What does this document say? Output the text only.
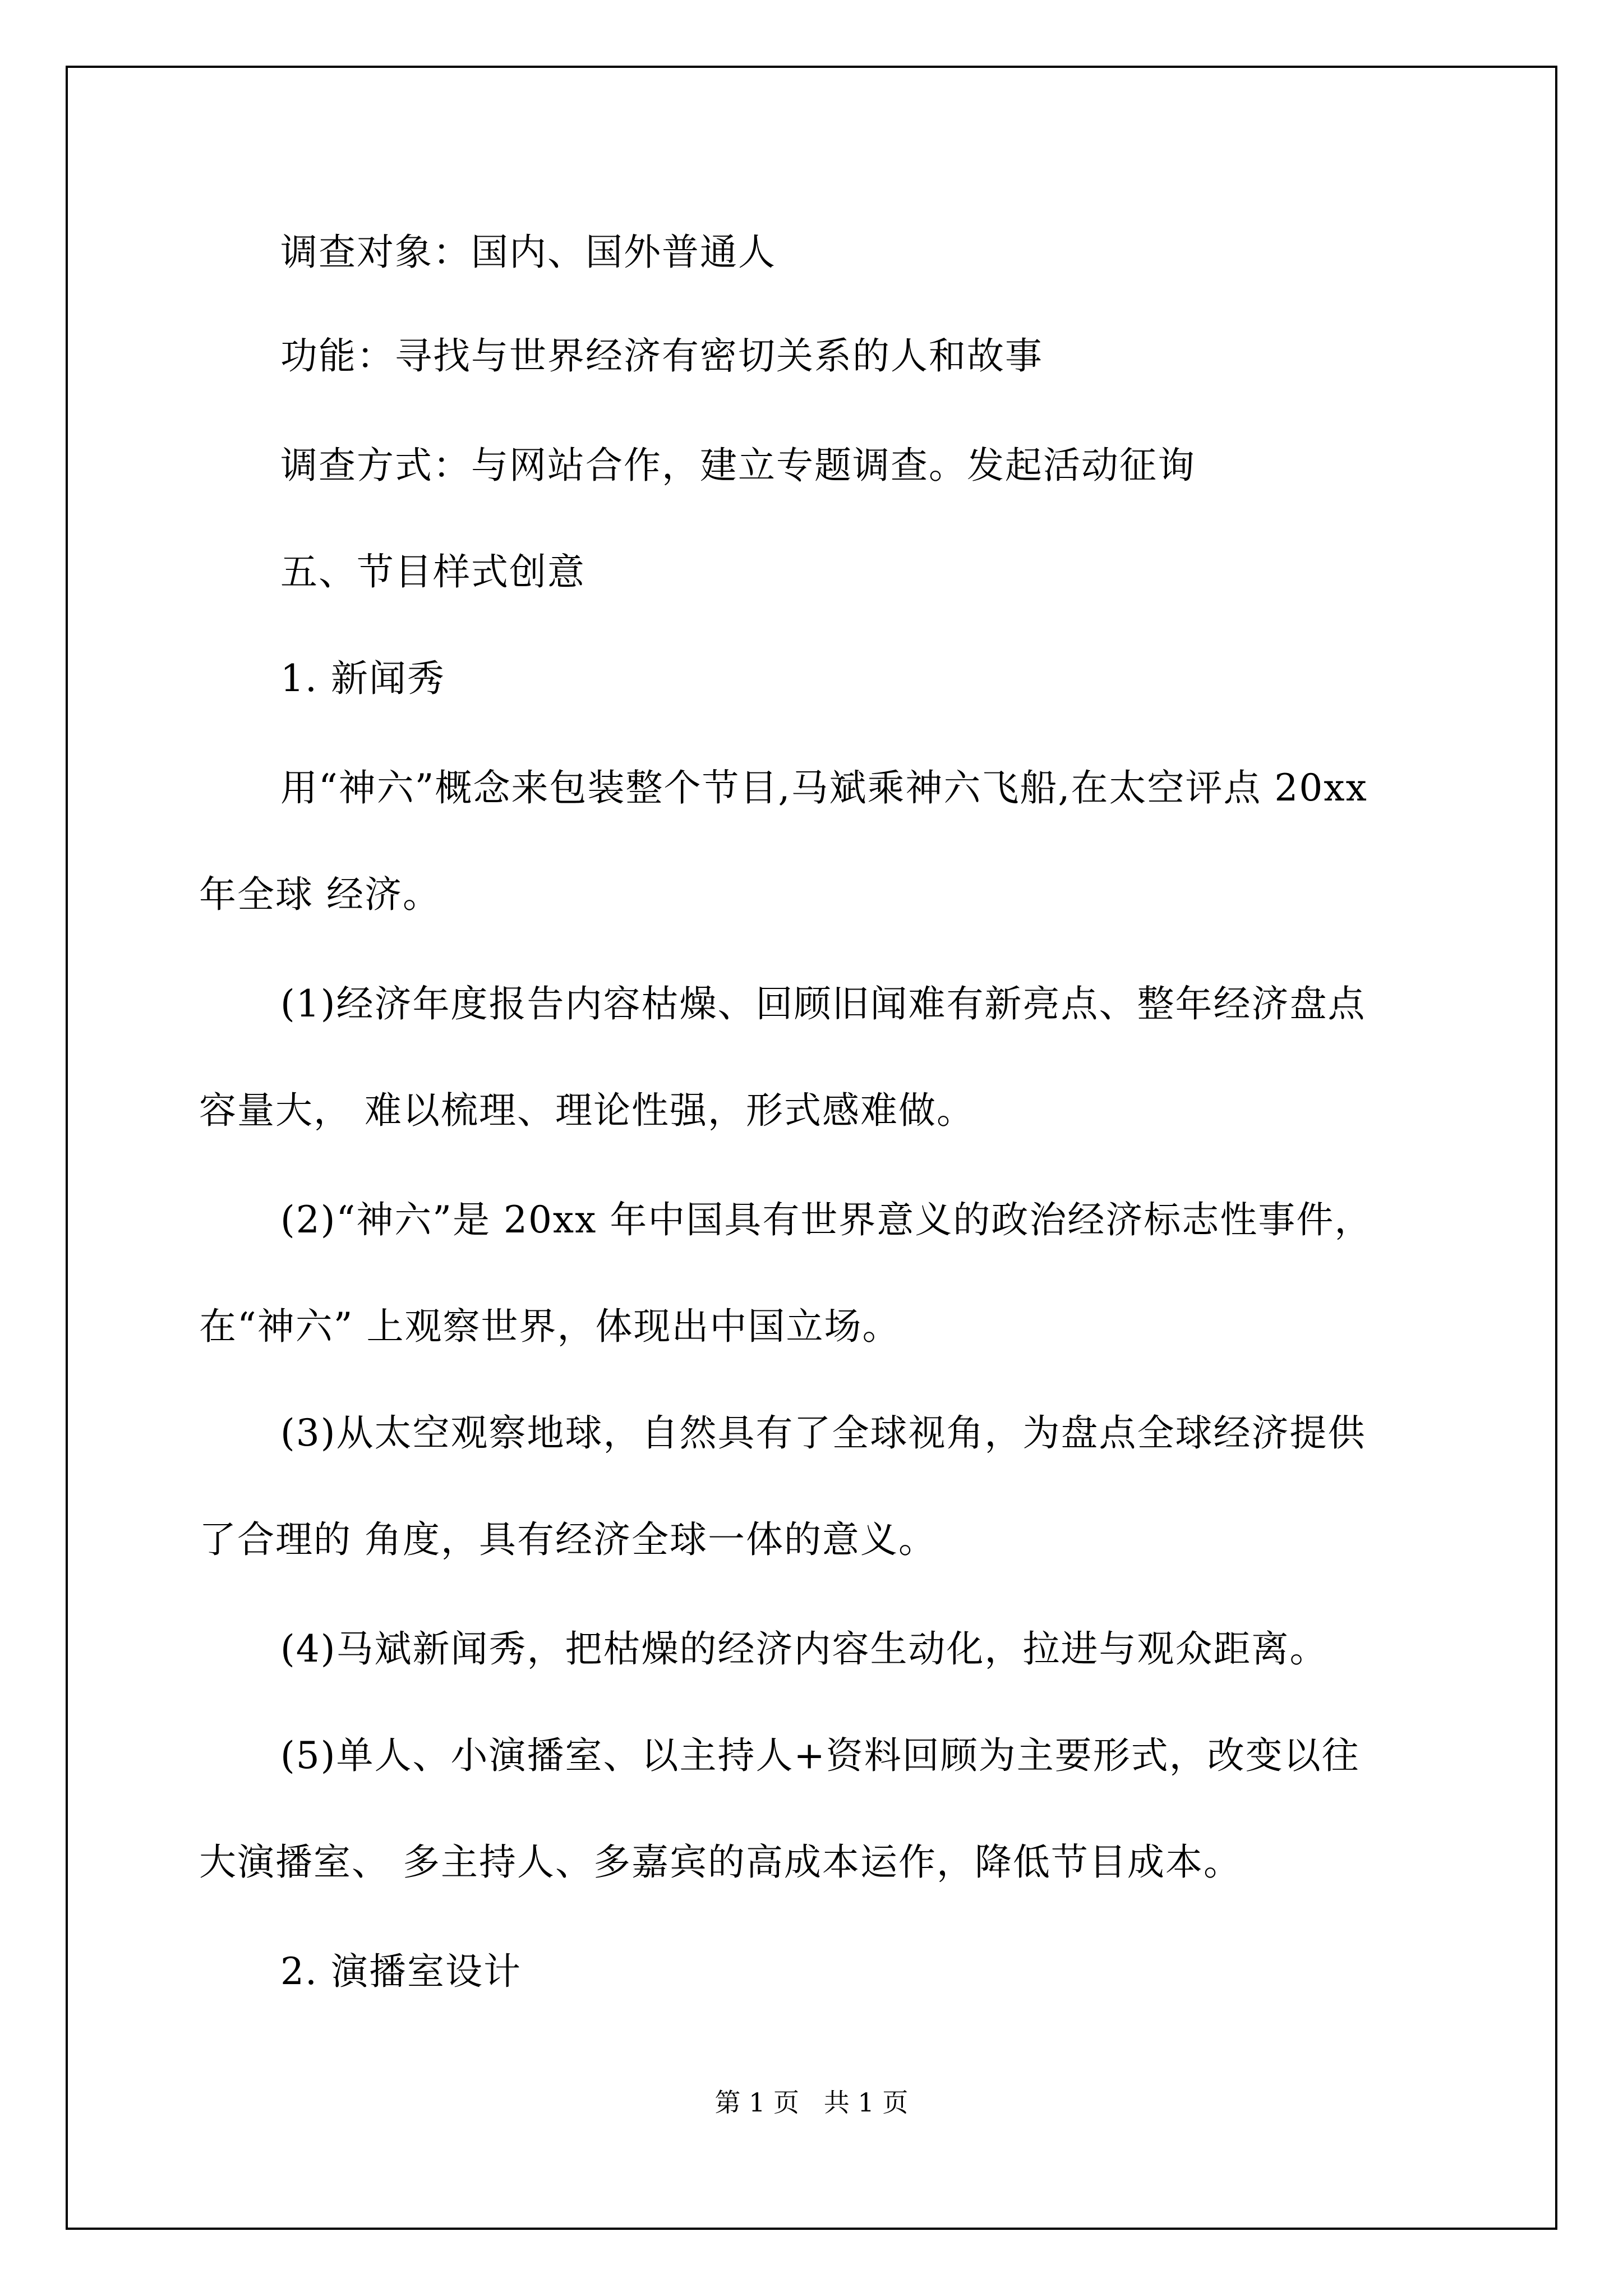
调查对象：国内、国外普通人
功能：寻找与世界经济有密切关系的人和故事
调查方式：与网站合作，建立专题调查。发起活动征询
五、节目样式创意
1. 新闻秀
用“神六”概念来包装整个节目,马斌乘神六飞船,在太空评点 20xx
年全球 经济。
(1)经济年度报告内容枯燥、回顾旧闻难有新亮点、整年经济盘点
容量大， 难以梳理、理论性强，形式感难做。
(2)“神六”是 20xx 年中国具有世界意义的政治经济标志性事件，
在“神六” 上观察世界，体现出中国立场。
(3)从太空观察地球，自然具有了全球视角，为盘点全球经济提供
了合理的 角度，具有经济全球一体的意义。
(4)马斌新闻秀，把枯燥的经济内容生动化，拉进与观众距离。
(5)单人、小演播室、以主持人+资料回顾为主要形式，改变以往
大演播室、 多主持人、多嘉宾的高成本运作，降低节目成本。
2. 演播室设计
第 1 页   共 1 页
